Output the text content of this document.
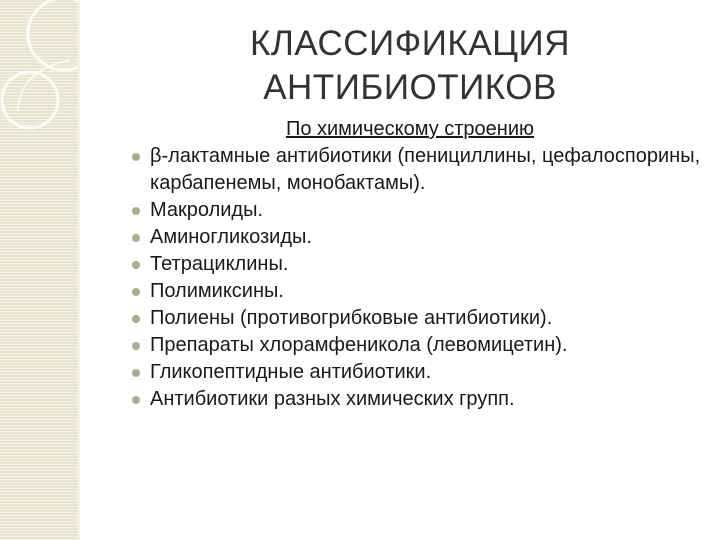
КЛАССИФИКАЦИЯ
АНТИБИОТИКОВ
По химическому строению
β-лактамные антибиотики (пенициллины, цефалоспорины, карбапенемы, монобактамы).
Макролиды.
Аминогликозиды.
Тетрациклины.
Полимиксины.
Полиены (противогрибковые антибиотики).
Препараты хлорамфеникола (левомицетин).
Гликопептидные антибиотики.
Антибиотики разных химических групп.
